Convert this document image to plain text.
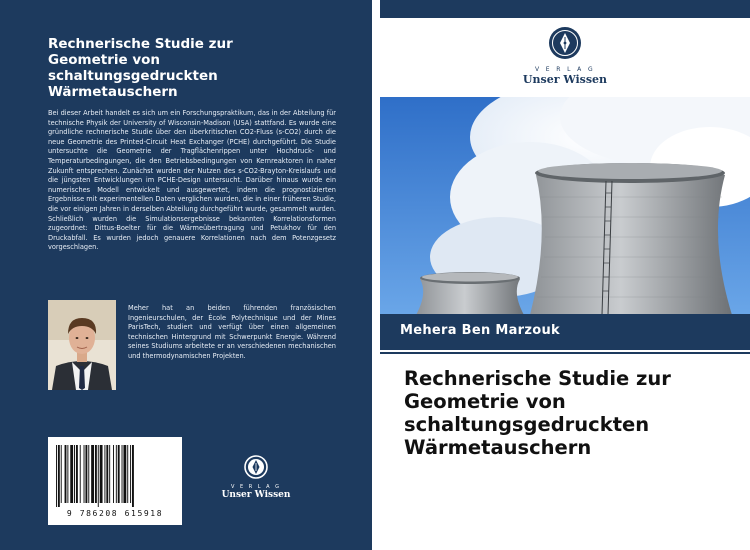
Rechnerische Studie zur
Geometrie von
schaltungsgedruckten
Wärmetauschern

Bei dieser Arbeit handelt es sich um ein Forschungspraktikum, das in der Abteilung für technische Physik der University of Wisconsin-Madison (USA) stattfand. Es wurde eine gründliche rechnerische Studie über den überkritischen CO2-Fluss (s-CO2) durch die neue Geometrie des Printed-Circuit Heat Exchanger (PCHE) durchgeführt. Die Studie untersuchte die Geometrie der Tragflächenrippen unter Hochdruck- und Temperaturbedingungen, die den Betriebsbedingungen von Kernreaktoren in naher Zukunft entsprechen. Zunächst wurden der Nutzen des s-CO2-Brayton-Kreislaufs und die jüngsten Entwicklungen im PCHE-Design untersucht. Darüber hinaus wurde ein numerisches Modell entwickelt und ausgewertet, indem die prognostizierten Ergebnisse mit experimentellen Daten verglichen wurden, die in einer früheren Studie, die vor einigen Jahren in derselben Abteilung durchgeführt wurde, gesammelt wurden. Schließlich wurden die Simulationsergebnisse bekannten Korrelationsformen zugeordnet: Dittus-Boelter für die Wärmeübertragung und Petukhov für den Druckabfall. Es wurden jedoch genauere Korrelationen nach dem Potenzgesetz vorgeschlagen.

Meher hat an beiden führenden französischen Ingenieurschulen, der École Polytechnique und der Mines ParisTech, studiert und verfügt über einen allgemeinen technischen Hintergrund mit Schwerpunkt Energie. Während seines Studiums arbeitete er an verschiedenen mechanischen und thermodynamischen Projekten.

9 786208 615918
V E R L A G
Unser Wissen
V E R L A G
Unser Wissen
Mehera Ben Marzouk
Rechnerische Studie zur
Geometrie von
schaltungsgedruckten
Wärmetauschern
